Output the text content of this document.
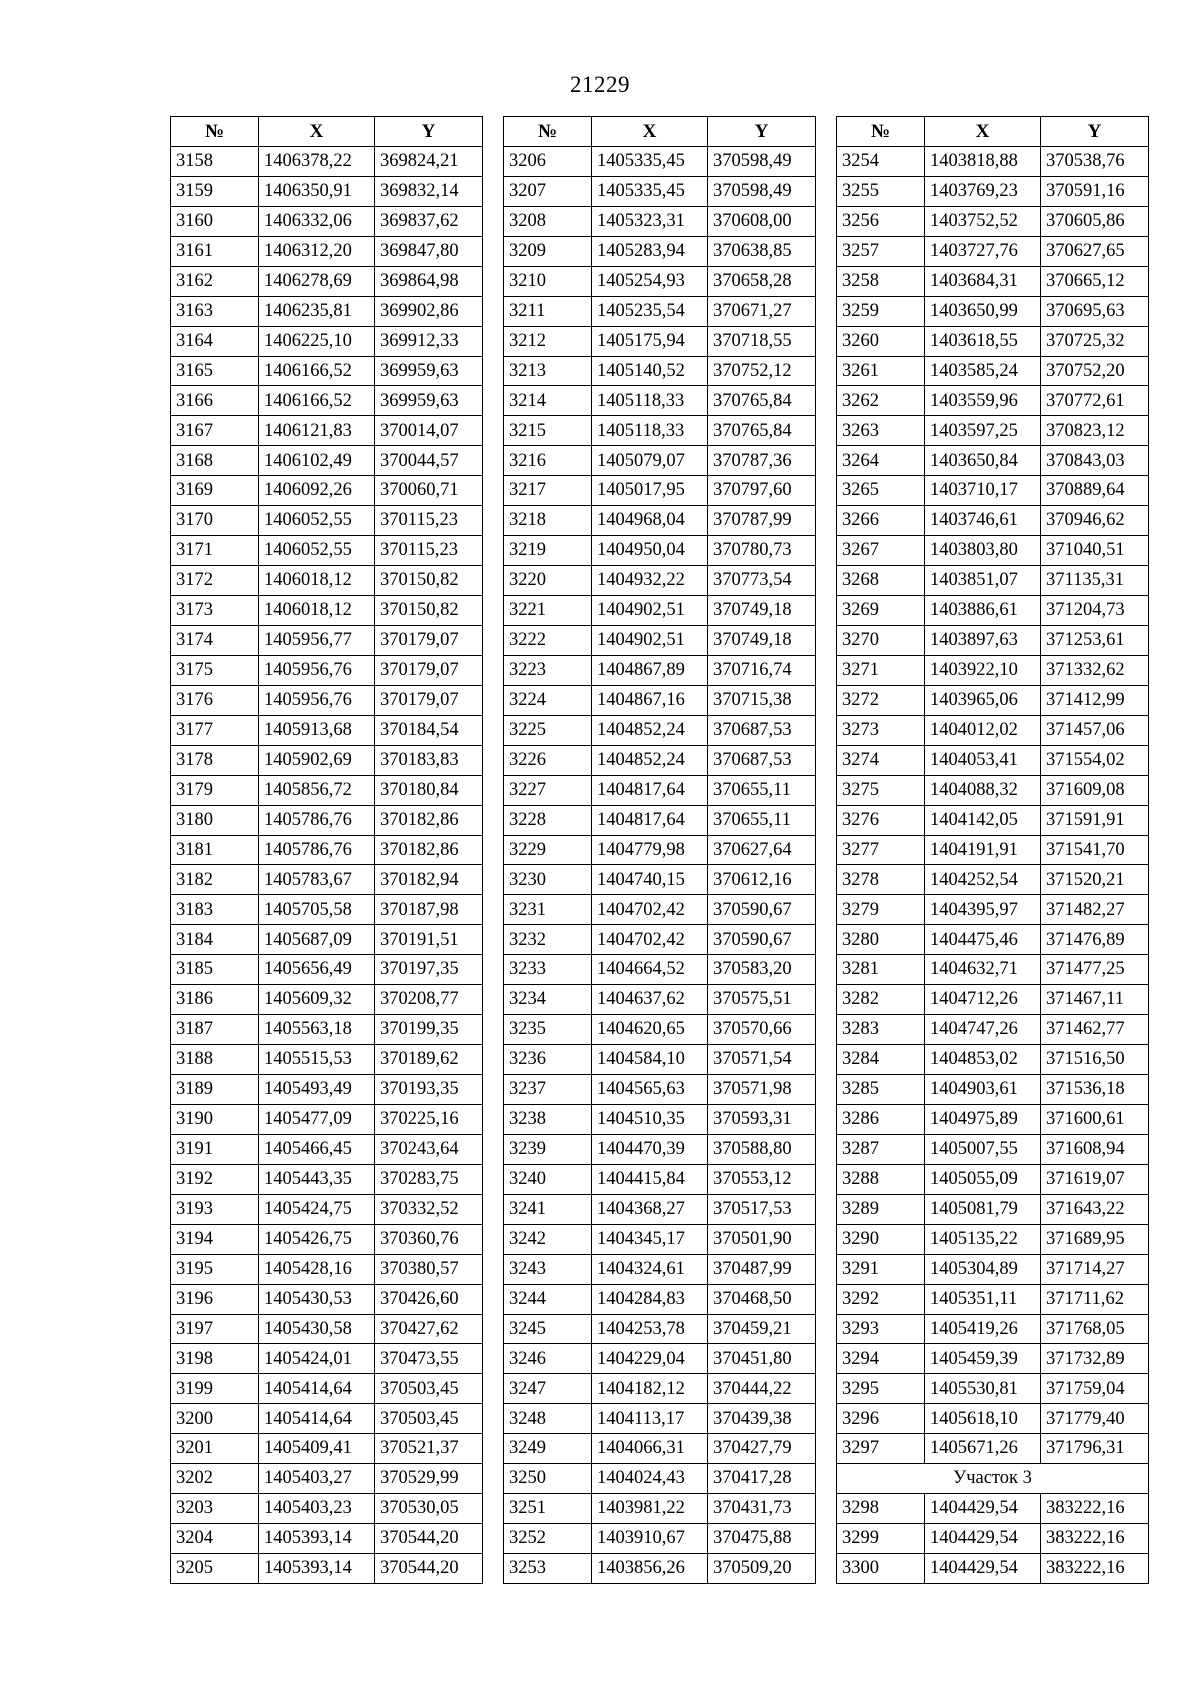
21229
№	X	Y
3158	1406378,22	369824,21
3159	1406350,91	369832,14
3160	1406332,06	369837,62
3161	1406312,20	369847,80
3162	1406278,69	369864,98
3163	1406235,81	369902,86
3164	1406225,10	369912,33
3165	1406166,52	369959,63
3166	1406166,52	369959,63
3167	1406121,83	370014,07
3168	1406102,49	370044,57
3169	1406092,26	370060,71
3170	1406052,55	370115,23
3171	1406052,55	370115,23
3172	1406018,12	370150,82
3173	1406018,12	370150,82
3174	1405956,77	370179,07
3175	1405956,76	370179,07
3176	1405956,76	370179,07
3177	1405913,68	370184,54
3178	1405902,69	370183,83
3179	1405856,72	370180,84
3180	1405786,76	370182,86
3181	1405786,76	370182,86
3182	1405783,67	370182,94
3183	1405705,58	370187,98
3184	1405687,09	370191,51
3185	1405656,49	370197,35
3186	1405609,32	370208,77
3187	1405563,18	370199,35
3188	1405515,53	370189,62
3189	1405493,49	370193,35
3190	1405477,09	370225,16
3191	1405466,45	370243,64
3192	1405443,35	370283,75
3193	1405424,75	370332,52
3194	1405426,75	370360,76
3195	1405428,16	370380,57
3196	1405430,53	370426,60
3197	1405430,58	370427,62
3198	1405424,01	370473,55
3199	1405414,64	370503,45
3200	1405414,64	370503,45
3201	1405409,41	370521,37
3202	1405403,27	370529,99
3203	1405403,23	370530,05
3204	1405393,14	370544,20
3205	1405393,14	370544,20
№	X	Y
3206	1405335,45	370598,49
3207	1405335,45	370598,49
3208	1405323,31	370608,00
3209	1405283,94	370638,85
3210	1405254,93	370658,28
3211	1405235,54	370671,27
3212	1405175,94	370718,55
3213	1405140,52	370752,12
3214	1405118,33	370765,84
3215	1405118,33	370765,84
3216	1405079,07	370787,36
3217	1405017,95	370797,60
3218	1404968,04	370787,99
3219	1404950,04	370780,73
3220	1404932,22	370773,54
3221	1404902,51	370749,18
3222	1404902,51	370749,18
3223	1404867,89	370716,74
3224	1404867,16	370715,38
3225	1404852,24	370687,53
3226	1404852,24	370687,53
3227	1404817,64	370655,11
3228	1404817,64	370655,11
3229	1404779,98	370627,64
3230	1404740,15	370612,16
3231	1404702,42	370590,67
3232	1404702,42	370590,67
3233	1404664,52	370583,20
3234	1404637,62	370575,51
3235	1404620,65	370570,66
3236	1404584,10	370571,54
3237	1404565,63	370571,98
3238	1404510,35	370593,31
3239	1404470,39	370588,80
3240	1404415,84	370553,12
3241	1404368,27	370517,53
3242	1404345,17	370501,90
3243	1404324,61	370487,99
3244	1404284,83	370468,50
3245	1404253,78	370459,21
3246	1404229,04	370451,80
3247	1404182,12	370444,22
3248	1404113,17	370439,38
3249	1404066,31	370427,79
3250	1404024,43	370417,28
3251	1403981,22	370431,73
3252	1403910,67	370475,88
3253	1403856,26	370509,20
№	X	Y
3254	1403818,88	370538,76
3255	1403769,23	370591,16
3256	1403752,52	370605,86
3257	1403727,76	370627,65
3258	1403684,31	370665,12
3259	1403650,99	370695,63
3260	1403618,55	370725,32
3261	1403585,24	370752,20
3262	1403559,96	370772,61
3263	1403597,25	370823,12
3264	1403650,84	370843,03
3265	1403710,17	370889,64
3266	1403746,61	370946,62
3267	1403803,80	371040,51
3268	1403851,07	371135,31
3269	1403886,61	371204,73
3270	1403897,63	371253,61
3271	1403922,10	371332,62
3272	1403965,06	371412,99
3273	1404012,02	371457,06
3274	1404053,41	371554,02
3275	1404088,32	371609,08
3276	1404142,05	371591,91
3277	1404191,91	371541,70
3278	1404252,54	371520,21
3279	1404395,97	371482,27
3280	1404475,46	371476,89
3281	1404632,71	371477,25
3282	1404712,26	371467,11
3283	1404747,26	371462,77
3284	1404853,02	371516,50
3285	1404903,61	371536,18
3286	1404975,89	371600,61
3287	1405007,55	371608,94
3288	1405055,09	371619,07
3289	1405081,79	371643,22
3290	1405135,22	371689,95
3291	1405304,89	371714,27
3292	1405351,11	371711,62
3293	1405419,26	371768,05
3294	1405459,39	371732,89
3295	1405530,81	371759,04
3296	1405618,10	371779,40
3297	1405671,26	371796,31
Участок 3		
3298	1404429,54	383222,16
3299	1404429,54	383222,16
3300	1404429,54	383222,16
